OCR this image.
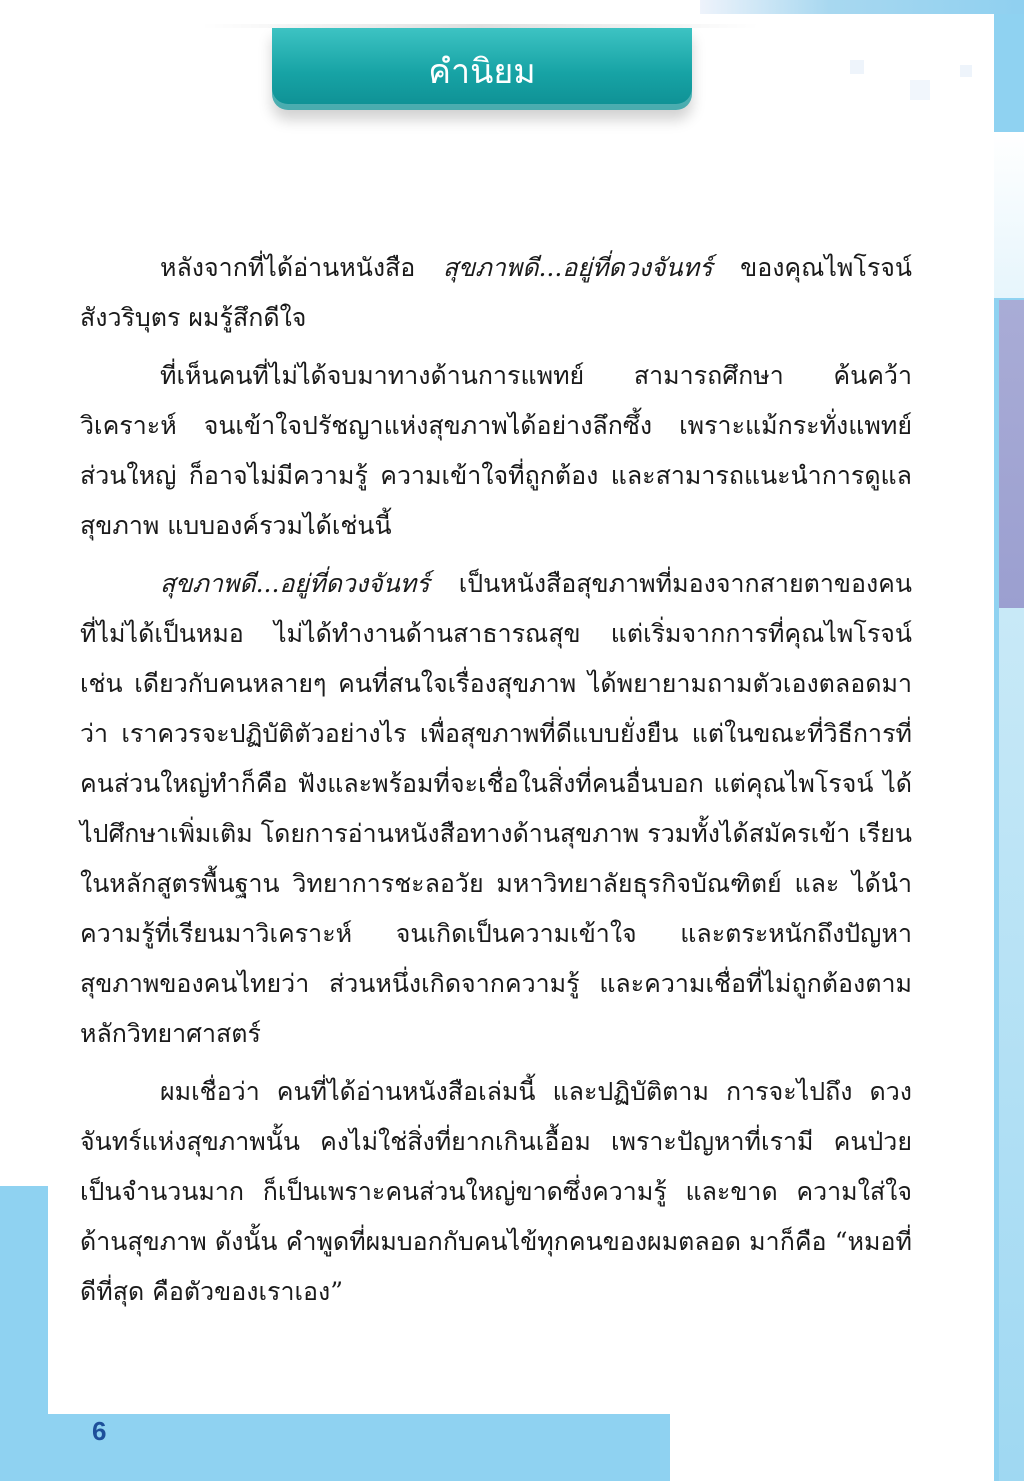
คำนิยม

หลังจากที่ได้อ่านหนังสือ สุขภาพดี...อยู่ที่ดวงจันทร์ ของคุณไพโรจน์ สังวริบุตร ผมรู้สึกดีใจ

ที่เห็นคนที่ไม่ได้จบมาทางด้านการแพทย์ สามารถศึกษา ค้นคว้า วิเคราะห์ จนเข้าใจปรัชญาแห่งสุขภาพได้อย่างลึกซึ้ง เพราะแม้กระทั่งแพทย์ส่วนใหญ่ ก็อาจไม่มีความรู้ ความเข้าใจที่ถูกต้อง และสามารถแนะนำการดูแลสุขภาพ แบบองค์รวมได้เช่นนี้

สุขภาพดี...อยู่ที่ดวงจันทร์ เป็นหนังสือสุขภาพที่มองจากสายตาของคน ที่ไม่ได้เป็นหมอ ไม่ได้ทำงานด้านสาธารณสุข แต่เริ่มจากการที่คุณไพโรจน์ เช่น เดียวกับคนหลายๆ คนที่สนใจเรื่องสุขภาพ ได้พยายามถามตัวเองตลอดมาว่า เราควรจะปฏิบัติตัวอย่างไร เพื่อสุขภาพที่ดีแบบยั่งยืน แต่ในขณะที่วิธีการที่ คนส่วนใหญ่ทำก็คือ ฟังและพร้อมที่จะเชื่อในสิ่งที่คนอื่นบอก แต่คุณไพโรจน์ ได้ไปศึกษาเพิ่มเติม โดยการอ่านหนังสือทางด้านสุขภาพ รวมทั้งได้สมัครเข้า เรียนในหลักสูตรพื้นฐาน วิทยาการชะลอวัย มหาวิทยาลัยธุรกิจบัณฑิตย์ และ ได้นำความรู้ที่เรียนมาวิเคราะห์ จนเกิดเป็นความเข้าใจ และตระหนักถึงปัญหา สุขภาพของคนไทยว่า ส่วนหนึ่งเกิดจากความรู้ และความเชื่อที่ไม่ถูกต้องตาม หลักวิทยาศาสตร์

ผมเชื่อว่า คนที่ได้อ่านหนังสือเล่มนี้ และปฏิบัติตาม การจะไปถึง ดวงจันทร์แห่งสุขภาพนั้น คงไม่ใช่สิ่งที่ยากเกินเอื้อม เพราะปัญหาที่เรามี คนป่วยเป็นจำนวนมาก ก็เป็นเพราะคนส่วนใหญ่ขาดซึ่งความรู้ และขาด ความใส่ใจด้านสุขภาพ ดังนั้น คำพูดที่ผมบอกกับคนไข้ทุกคนของผมตลอด มาก็คือ “หมอที่ดีที่สุด คือตัวของเราเอง”

6
